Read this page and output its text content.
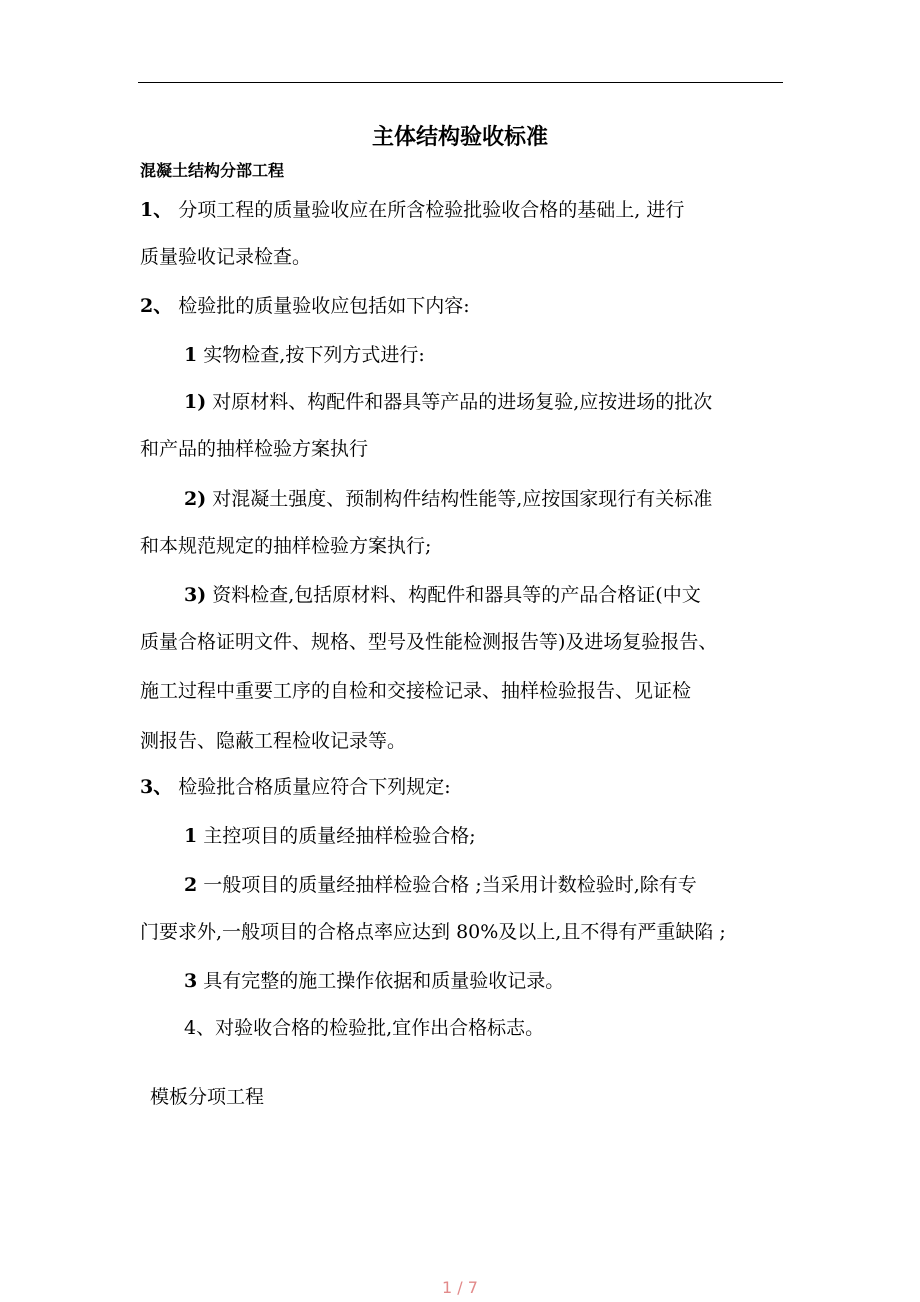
主体结构验收标准
混凝土结构分部工程

1、 分项工程的质量验收应在所含检验批验收合格的基础上, 进行

质量验收记录检查。

2、 检验批的质量验收应包括如下内容:

1 实物检查,按下列方式进行:

1) 对原材料、构配件和器具等产品的进场复验,应按进场的批次

和产品的抽样检验方案执行

2) 对混凝土强度、预制构件结构性能等,应按国家现行有关标准

和本规范规定的抽样检验方案执行;

3) 资料检查,包括原材料、构配件和器具等的产品合格证(中文

质量合格证明文件、规格、型号及性能检测报告等)及进场复验报告、

施工过程中重要工序的自检和交接检记录、抽样检验报告、见证检

测报告、隐蔽工程检收记录等。

3、 检验批合格质量应符合下列规定:

1 主控项目的质量经抽样检验合格;

2 一般项目的质量经抽样检验合格 ;当采用计数检验时,除有专

门要求外,一般项目的合格点率应达到 80%及以上,且不得有严重缺陷 ;

3 具有完整的施工操作依据和质量验收记录。

4、对验收合格的检验批,宜作出合格标志。

模板分项工程
1 / 7
